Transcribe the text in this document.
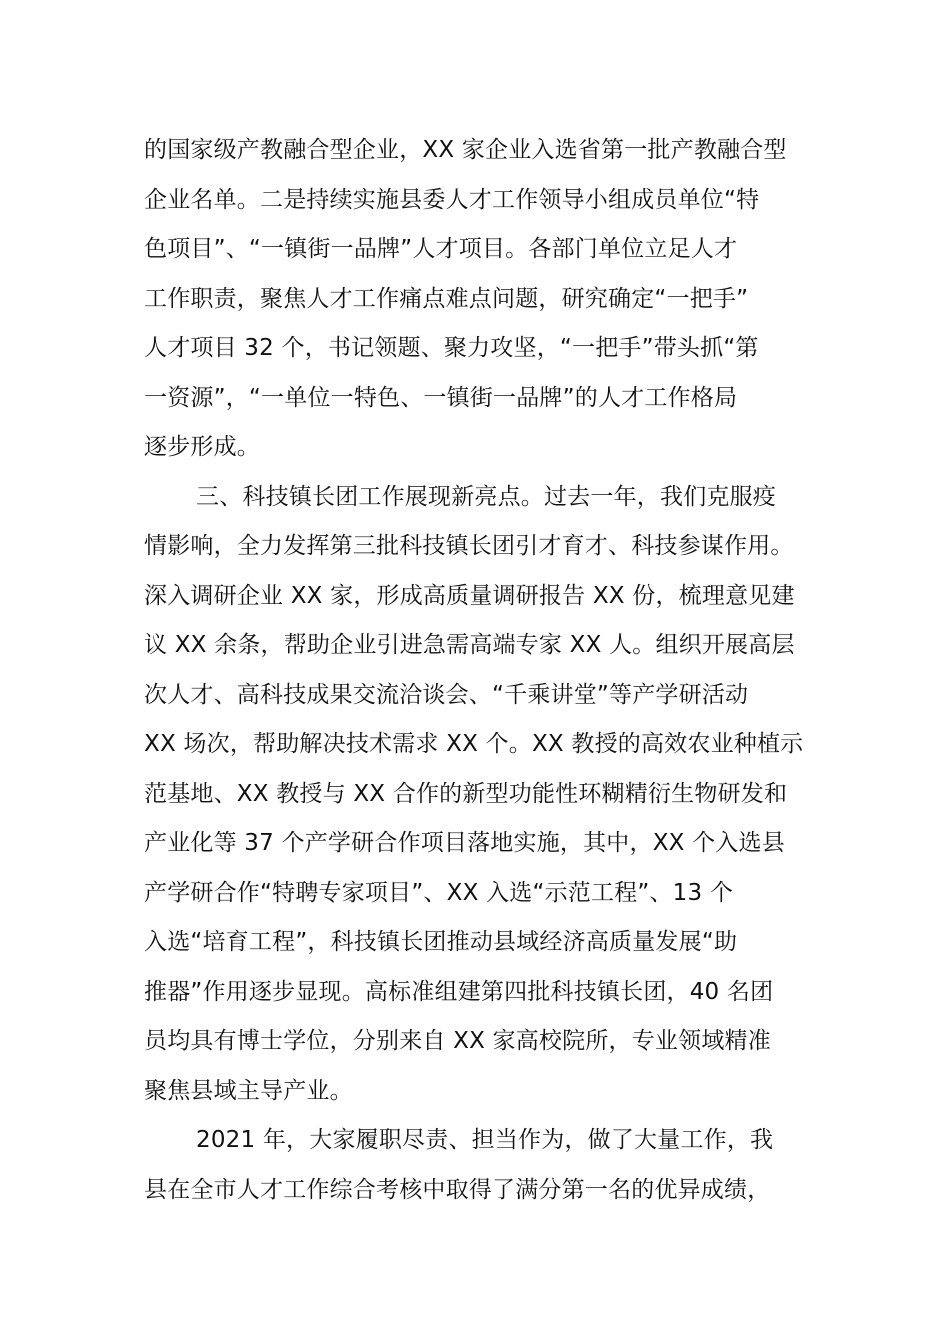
的国家级产教融合型企业，XX 家企业入选省第一批产教融合型
企业名单。二是持续实施县委人才工作领导小组成员单位“特
色项目”、“一镇街一品牌”人才项目。各部门单位立足人才
工作职责，聚焦人才工作痛点难点问题，研究确定“一把手”
人才项目 32 个，书记领题、聚力攻坚，“一把手”带头抓“第
一资源”，“一单位一特色、一镇街一品牌”的人才工作格局
逐步形成。
三、科技镇长团工作展现新亮点。过去一年，我们克服疫
情影响，全力发挥第三批科技镇长团引才育才、科技参谋作用。
深入调研企业 XX 家，形成高质量调研报告 XX 份，梳理意见建
议 XX 余条，帮助企业引进急需高端专家 XX 人。组织开展高层
次人才、高科技成果交流洽谈会、“千乘讲堂”等产学研活动
XX 场次，帮助解决技术需求 XX 个。XX 教授的高效农业种植示
范基地、XX 教授与 XX 合作的新型功能性环糊精衍生物研发和
产业化等 37 个产学研合作项目落地实施，其中，XX 个入选县
产学研合作“特聘专家项目”、XX 入选“示范工程”、13 个
入选“培育工程”，科技镇长团推动县域经济高质量发展“助
推器”作用逐步显现。高标准组建第四批科技镇长团，40 名团
员均具有博士学位，分别来自 XX 家高校院所，专业领域精准
聚焦县域主导产业。
2021 年，大家履职尽责、担当作为，做了大量工作，我
县在全市人才工作综合考核中取得了满分第一名的优异成绩，
